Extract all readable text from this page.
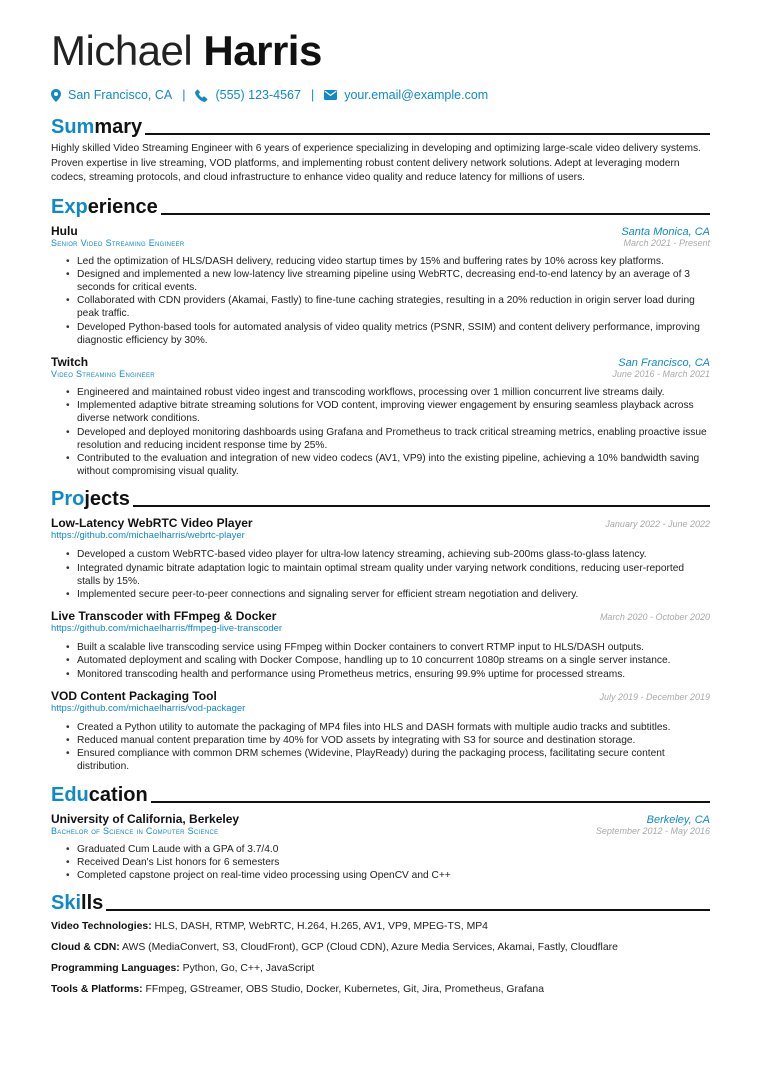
Michael Harris
San Francisco, CA | (555) 123-4567 | your.email@example.com
Summary
Highly skilled Video Streaming Engineer with 6 years of experience specializing in developing and optimizing large-scale video delivery systems. Proven expertise in live streaming, VOD platforms, and implementing robust content delivery network solutions. Adept at leveraging modern codecs, streaming protocols, and cloud infrastructure to enhance video quality and reduce latency for millions of users.
Experience
Hulu	Santa Monica, CA
Senior Video Streaming Engineer	March 2021 - Present
• Led the optimization of HLS/DASH delivery, reducing video startup times by 15% and buffering rates by 10% across key platforms.
• Designed and implemented a new low-latency live streaming pipeline using WebRTC, decreasing end-to-end latency by an average of 3 seconds for critical events.
• Collaborated with CDN providers (Akamai, Fastly) to fine-tune caching strategies, resulting in a 20% reduction in origin server load during peak traffic.
• Developed Python-based tools for automated analysis of video quality metrics (PSNR, SSIM) and content delivery performance, improving diagnostic efficiency by 30%.
Twitch	San Francisco, CA
Video Streaming Engineer	June 2016 - March 2021
• Engineered and maintained robust video ingest and transcoding workflows, processing over 1 million concurrent live streams daily.
• Implemented adaptive bitrate streaming solutions for VOD content, improving viewer engagement by ensuring seamless playback across diverse network conditions.
• Developed and deployed monitoring dashboards using Grafana and Prometheus to track critical streaming metrics, enabling proactive issue resolution and reducing incident response time by 25%.
• Contributed to the evaluation and integration of new video codecs (AV1, VP9) into the existing pipeline, achieving a 10% bandwidth saving without compromising visual quality.
Projects
Low-Latency WebRTC Video Player	January 2022 - June 2022
https://github.com/michaelharris/webrtc-player
• Developed a custom WebRTC-based video player for ultra-low latency streaming, achieving sub-200ms glass-to-glass latency.
• Integrated dynamic bitrate adaptation logic to maintain optimal stream quality under varying network conditions, reducing user-reported stalls by 15%.
• Implemented secure peer-to-peer connections and signaling server for efficient stream negotiation and delivery.
Live Transcoder with FFmpeg & Docker	March 2020 - October 2020
https://github.com/michaelharris/ffmpeg-live-transcoder
• Built a scalable live transcoding service using FFmpeg within Docker containers to convert RTMP input to HLS/DASH outputs.
• Automated deployment and scaling with Docker Compose, handling up to 10 concurrent 1080p streams on a single server instance.
• Monitored transcoding health and performance using Prometheus metrics, ensuring 99.9% uptime for processed streams.
VOD Content Packaging Tool	July 2019 - December 2019
https://github.com/michaelharris/vod-packager
• Created a Python utility to automate the packaging of MP4 files into HLS and DASH formats with multiple audio tracks and subtitles.
• Reduced manual content preparation time by 40% for VOD assets by integrating with S3 for source and destination storage.
• Ensured compliance with common DRM schemes (Widevine, PlayReady) during the packaging process, facilitating secure content distribution.
Education
University of California, Berkeley	Berkeley, CA
Bachelor of Science in Computer Science	September 2012 - May 2016
• Graduated Cum Laude with a GPA of 3.7/4.0
• Received Dean's List honors for 6 semesters
• Completed capstone project on real-time video processing using OpenCV and C++
Skills
Video Technologies: HLS, DASH, RTMP, WebRTC, H.264, H.265, AV1, VP9, MPEG-TS, MP4
Cloud & CDN: AWS (MediaConvert, S3, CloudFront), GCP (Cloud CDN), Azure Media Services, Akamai, Fastly, Cloudflare
Programming Languages: Python, Go, C++, JavaScript
Tools & Platforms: FFmpeg, GStreamer, OBS Studio, Docker, Kubernetes, Git, Jira, Prometheus, Grafana
